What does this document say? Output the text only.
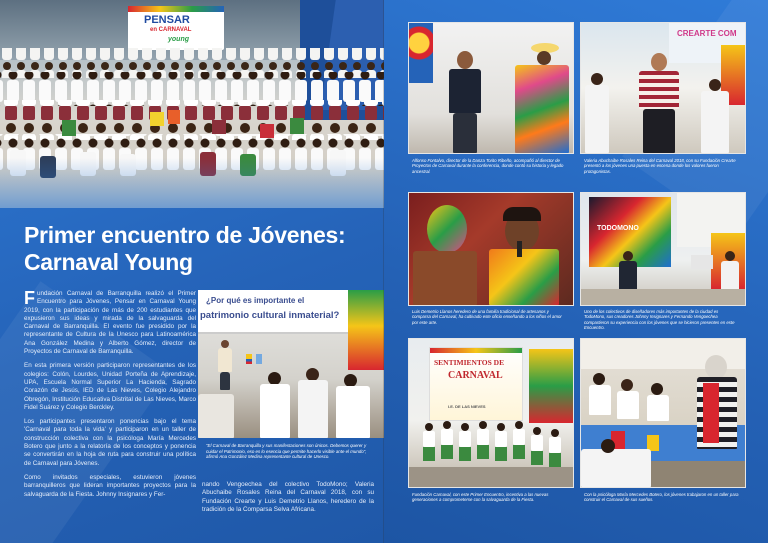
PENSAR
en CARNAVAL
young
Primer encuentro de Jóvenes:
Carnaval Young

Fundación Carnaval de Barranquilla realizó el Primer Encuentro para Jóvenes, Pensar en Carnaval Young 2019, con la participación de más de 200 estudiantes que expusieron sus ideas y mirada de la salvaguarda del Carnaval de Barranquilla. El evento fue presidido por la representante de Cultura de la Unesco para Latinoamérica Ana González Medina y Alberto Gómez, director de Proyectos de Carnaval de Barranquilla.

En esta primera versión participaron representantes de los colegios: Colón, Lourdes, Unidad Porteña de Aprendizaje, UPA, Escuela Normal Superior La Hacienda, Sagrado Corazón de Jesús, IED de Las Nieves, Colegio Alejandro Obregón, Institución Educativa Distrital de Las Nieves, Marco Fidel Suárez y Colegio Berckley.

Los participantes presentaron ponencias bajo el tema 'Carnaval para toda la vida' y participaron en un taller de construcción colectiva con la psicóloga María Mercedes Botero que junto a la relatoría de los conceptos y ponencia se convertirán en la hoja de ruta para construir una política de Carnaval para Jóvenes.

Como invitados especiales, estuvieron jóvenes barranquilleros que lideran importantes proyectos para la salvaguarda de la Fiesta. Johnny Insignares y Fer-

¿Por qué es importante el
patrimonio cultural inmaterial?
"El Carnaval de Barranquilla y sus manifestaciones son únicos. Debemos querer y cuidar el Patrimonio, eso es lo esencia que permite hacerlo visible ante el mundo", afirmó Ana González Medina representante cultural de Unesco.
nando Vengoechea del colectivo TodoMono; Valeria Abuchaibe Rosales Reina del Carnaval 2018, con su Fundación Crearte y Luis Demetrio Llanos, heredero de la tradición de la Comparsa Selva Africana.
Alfonso Fontalvo, director de la Danza Torito Ribeño, acompañó al director de Proyectos de Carnaval durante la conferencia, donde contó su historia y legado ancestral.
CREARTE COM
Valeria Abuchaibe Rosales Reina del Carnaval 2018, con su Fundación Crearte presentó a los jóvenes una puesta en escena donde los valores fueron protagonistas.
Luis Demetrio Llanos heredero de una familia tradicional de artesanos y comparsa del Carnaval, ha cultivado este oficio enseñando a los niños el amor por este arte.
TODOMONO
Uno de los colectivos de diseñadores más importantes de la ciudad es TodoMono, sus creadores Johnny Insignares y Fernando Vengoechea compartieron su experiencia con los jóvenes que se hicieron presentes en este Encuentro.
SENTIMIENTOS DE
CARNAVAL
I.E. DE LAS NIEVES
Fundación Carnaval, con este Primer Encuentro, incentiva a las nuevas generaciones a comprometerse con la salvaguarda de la Fiesta.
Con la psicóloga María Mercedes Botero, los jóvenes trabajaron en un taller para construir el Carnaval de sus sueños.
